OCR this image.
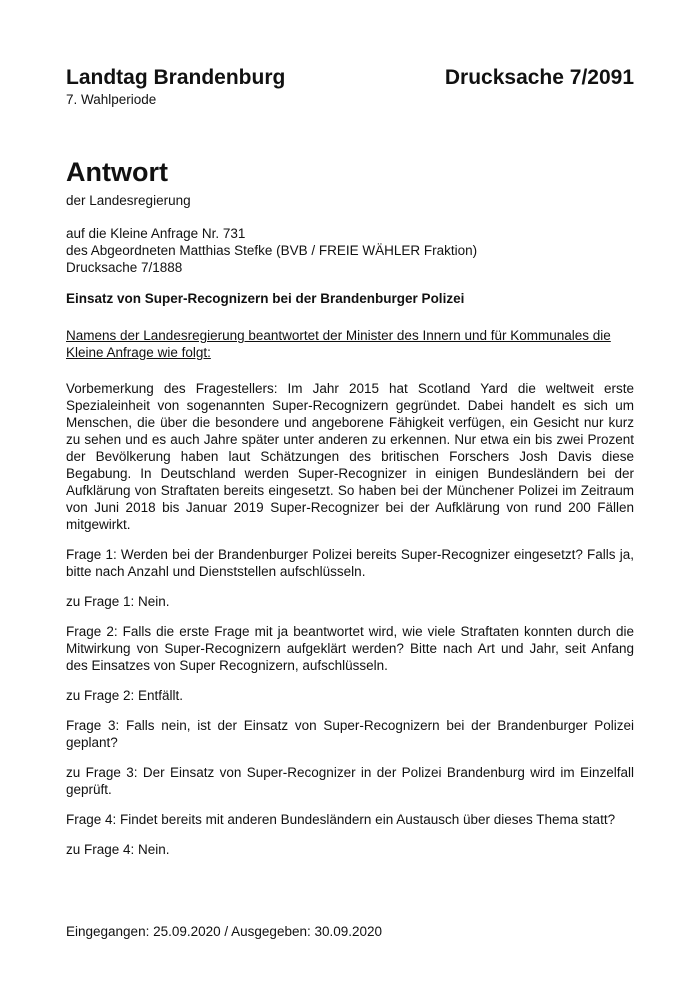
Landtag Brandenburg	Drucksache 7/2091
7. Wahlperiode
Antwort
der Landesregierung
auf die Kleine Anfrage Nr. 731
des Abgeordneten Matthias Stefke (BVB / FREIE WÄHLER Fraktion)
Drucksache 7/1888
Einsatz von Super-Recognizern bei der Brandenburger Polizei
Namens der Landesregierung beantwortet der Minister des Innern und für Kommunales die Kleine Anfrage wie folgt:

Vorbemerkung des Fragestellers: Im Jahr 2015 hat Scotland Yard die weltweit erste Spezialeinheit von sogenannten Super-Recognizern gegründet. Dabei handelt es sich um Menschen, die über die besondere und angeborene Fähigkeit verfügen, ein Gesicht nur kurz zu sehen und es auch Jahre später unter anderen zu erkennen. Nur etwa ein bis zwei Prozent der Bevölkerung haben laut Schätzungen des britischen Forschers Josh Davis diese Begabung. In Deutschland werden Super-Recognizer in einigen Bundesländern bei der Aufklärung von Straftaten bereits eingesetzt. So haben bei der Münchener Polizei im Zeitraum von Juni 2018 bis Januar 2019 Super-Recognizer bei der Aufklärung von rund 200 Fällen mitgewirkt.

Frage 1: Werden bei der Brandenburger Polizei bereits Super-Recognizer eingesetzt? Falls ja, bitte nach Anzahl und Dienststellen aufschlüsseln.

zu Frage 1: Nein.

Frage 2: Falls die erste Frage mit ja beantwortet wird, wie viele Straftaten konnten durch die Mitwirkung von Super-Recognizern aufgeklärt werden? Bitte nach Art und Jahr, seit Anfang des Einsatzes von Super Recognizern, aufschlüsseln.

zu Frage 2: Entfällt.

Frage 3: Falls nein, ist der Einsatz von Super-Recognizern bei der Brandenburger Polizei geplant?

zu Frage 3: Der Einsatz von Super-Recognizer in der Polizei Brandenburg wird im Einzelfall geprüft.

Frage 4: Findet bereits mit anderen Bundesländern ein Austausch über dieses Thema statt?

zu Frage 4: Nein.

Eingegangen: 25.09.2020 / Ausgegeben: 30.09.2020
